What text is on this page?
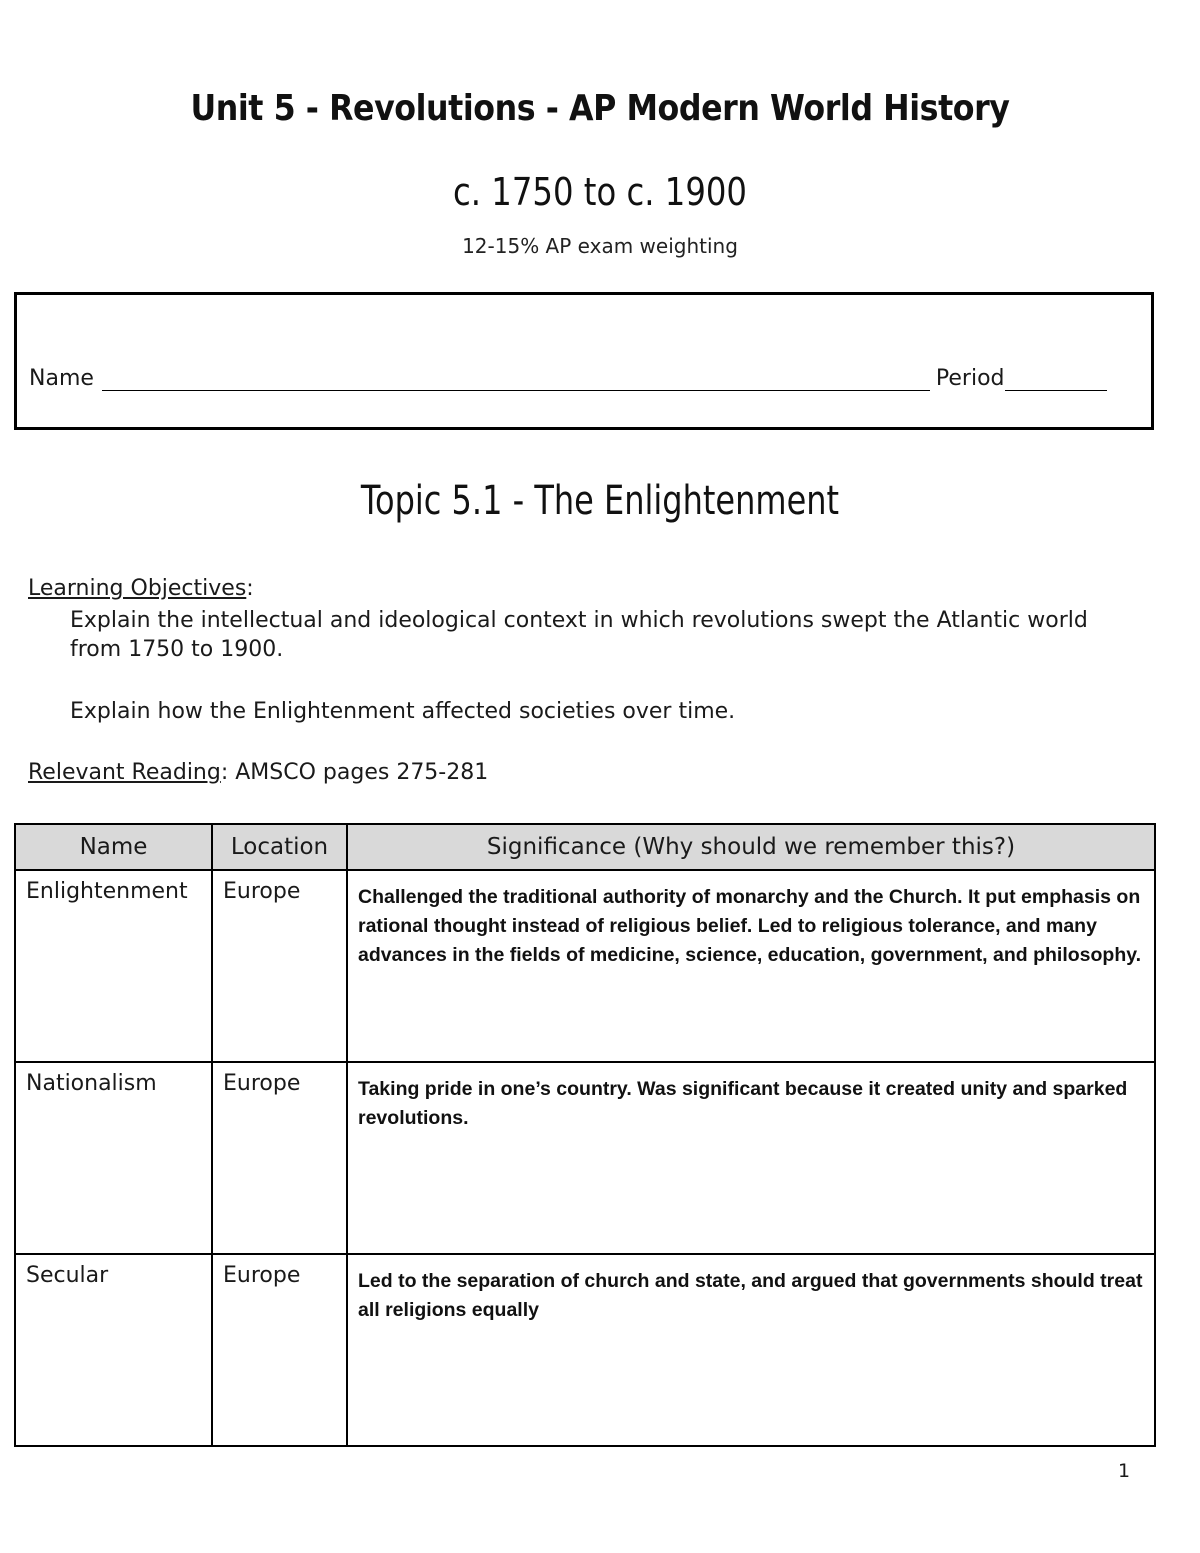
Unit 5 - Revolutions - AP Modern World History
c. 1750 to c. 1900
12-15% AP exam weighting
Name	Period
Topic 5.1 - The Enlightenment
Learning Objectives:
Explain the intellectual and ideological context in which revolutions swept the Atlantic world from 1750 to 1900.
Explain how the Enlightenment affected societies over time.
Relevant Reading: AMSCO pages 275-281
Name	Location	Significance (Why should we remember this?)
Enlightenment	Europe	Challenged the traditional authority of monarchy and the Church. It put emphasis on rational thought instead of religious belief. Led to religious tolerance, and many advances in the fields of medicine, science, education, government, and philosophy.
Nationalism	Europe	Taking pride in one’s country. Was significant because it created unity and sparked revolutions.
Secular	Europe	Led to the separation of church and state, and argued that governments should treat all religions equally
1
